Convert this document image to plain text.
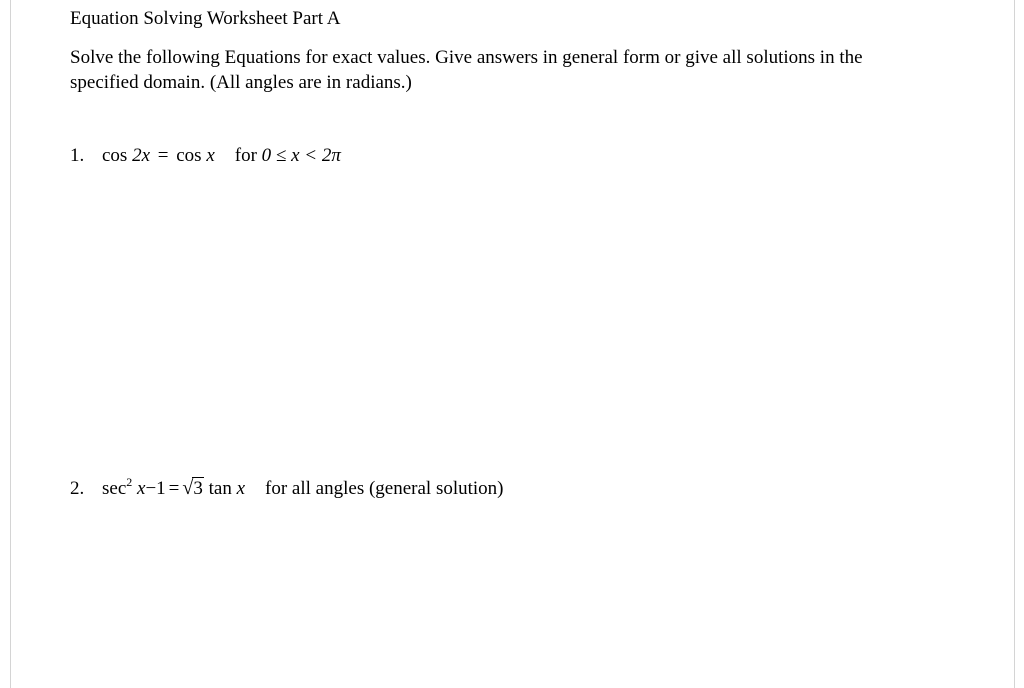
Equation Solving Worksheet Part A
Solve the following Equations for exact values. Give answers in general form or give all solutions in the specified domain. (All angles are in radians.)
1. cos 2x = cos x for 0 ≤ x < 2π
2. $\sec^2 x-1 = √3$ tan x for all angles (general solution)
